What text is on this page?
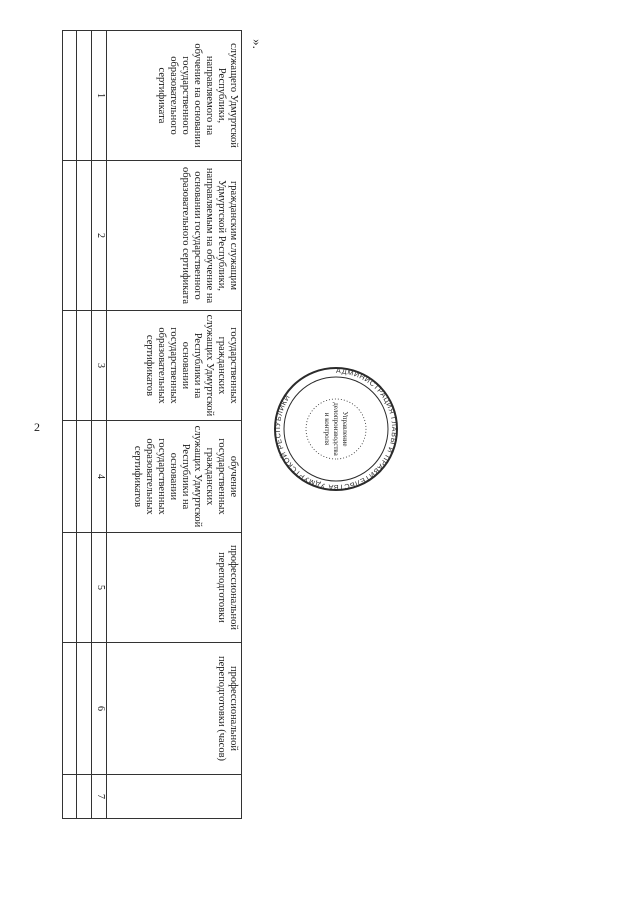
2
служащего Удмуртской Республики, направляемого на обучение на основании государственного образовательного сертификата	гражданским служащим Удмуртской Республики, направляемым на обучение на основании государственного образовательного сертификата	государственных гражданских служащих Удмуртской Республики на основании государственных образовательных сертификатов	обучение государственных гражданских служащих Удмуртской Республики на основании государственных образовательных сертификатов	профессиональной переподготовки	профессиональной переподготовки (часов)	
1	2	3	4	5	6	7

».
АДМИНИСТРАЦИЯ ГЛАВЫ И ПРАВИТЕЛЬСТВА УДМУРТСКОЙ РЕСПУБЛИКИ
Управление
делопроизводства
и контроля
